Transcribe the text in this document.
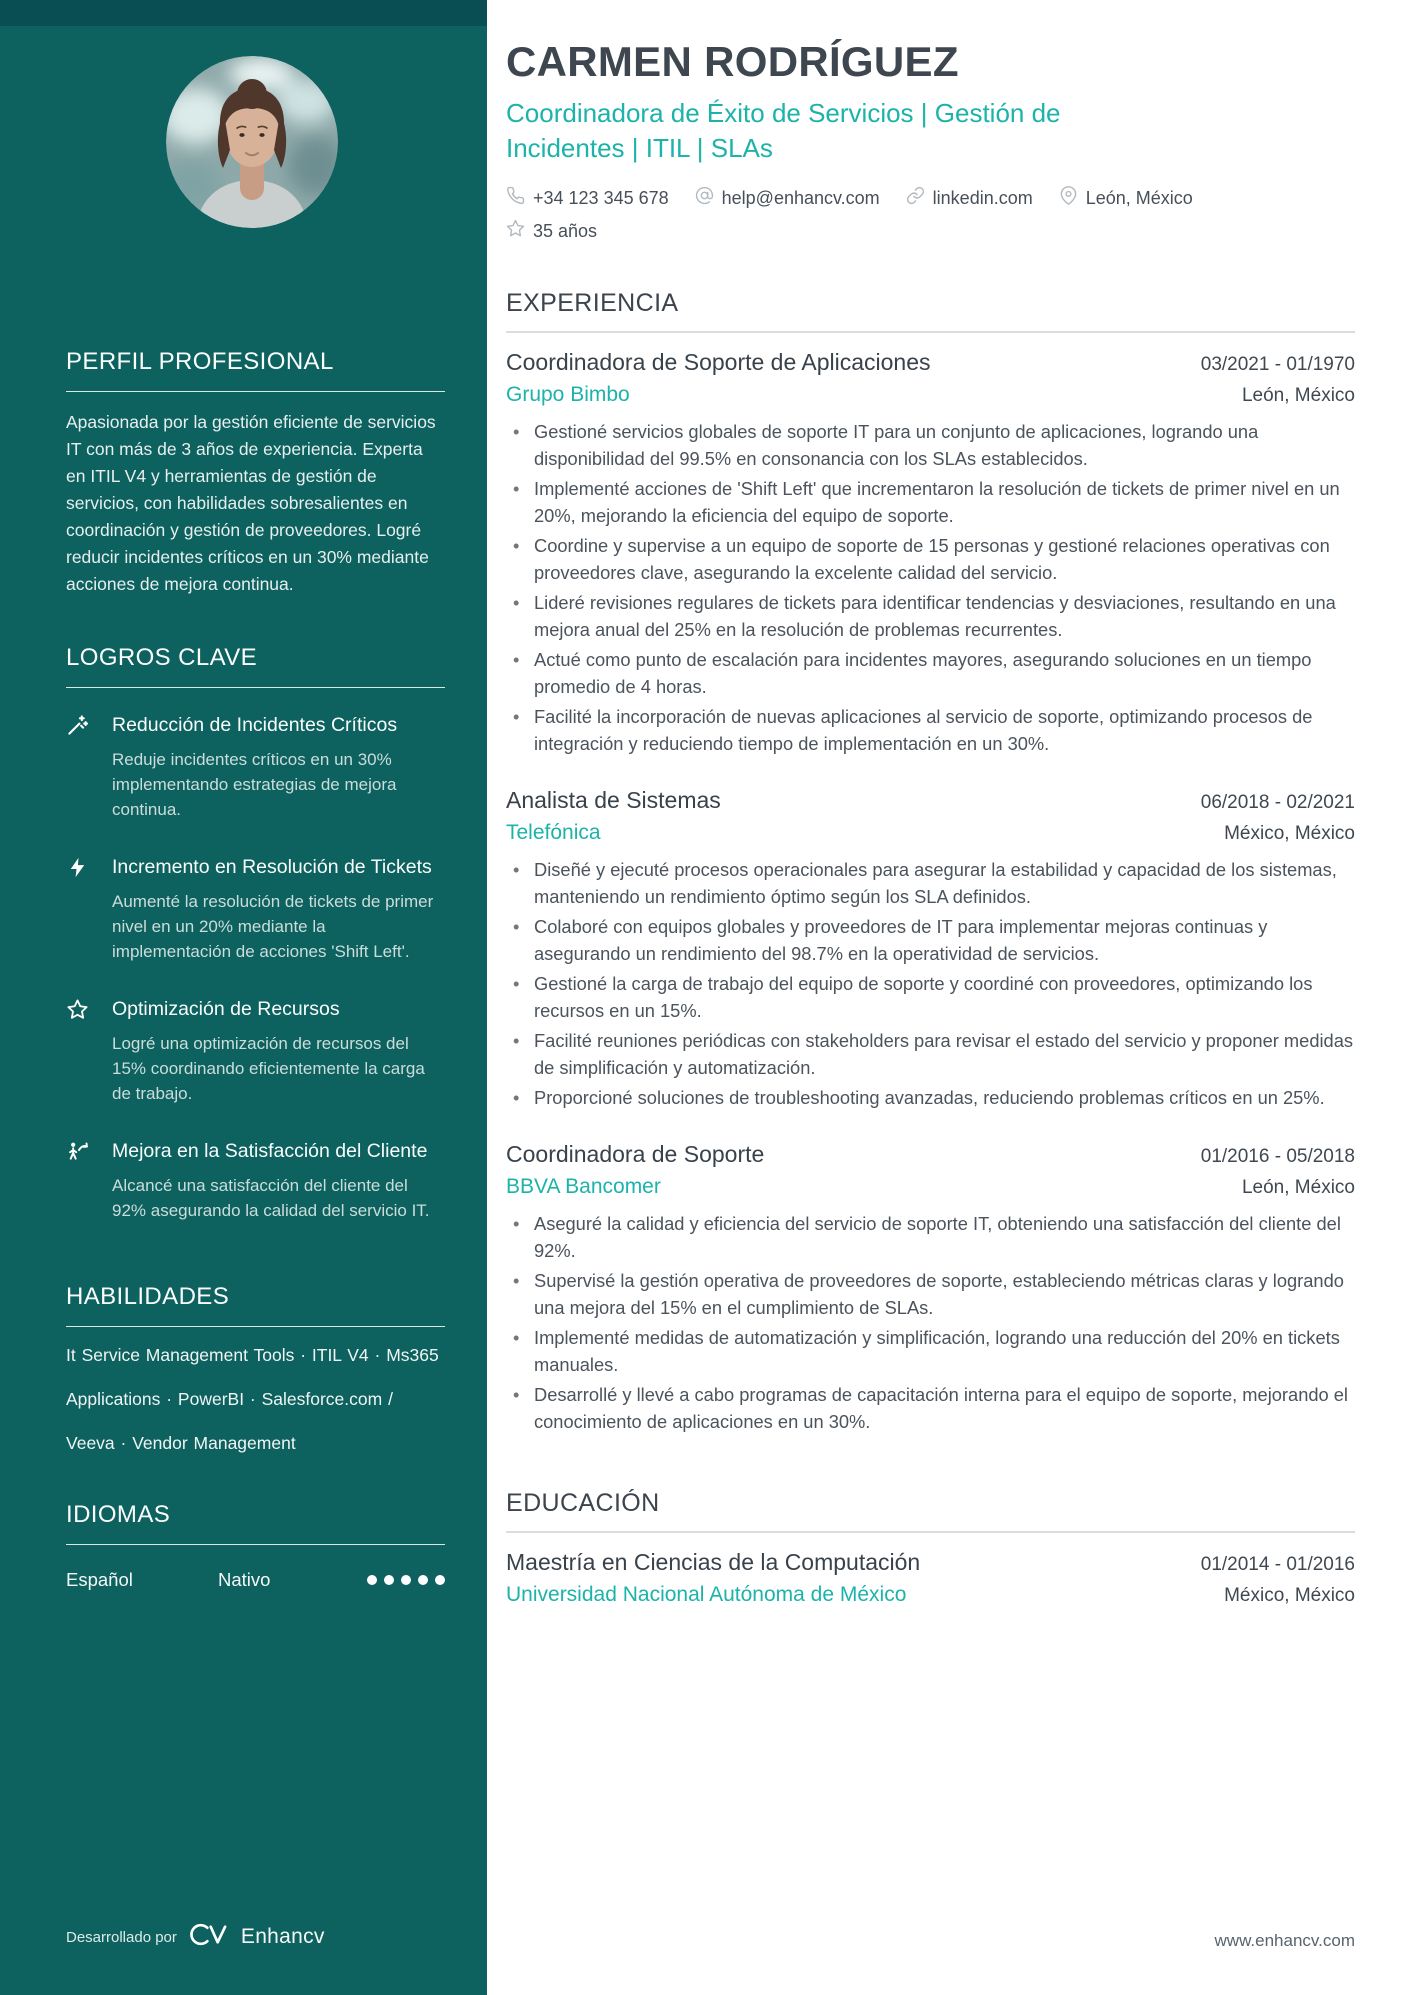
PERFIL PROFESIONAL

Apasionada por la gestión eficiente de servicios IT con más de 3 años de experiencia. Experta en ITIL V4 y herramientas de gestión de servicios, con habilidades sobresalientes en coordinación y gestión de proveedores. Logré reducir incidentes críticos en un 30% mediante acciones de mejora continua.

LOGROS CLAVE
Reducción de Incidentes Críticos
Reduje incidentes críticos en un 30% implementando estrategias de mejora continua.
Incremento en Resolución de Tickets
Aumenté la resolución de tickets de primer nivel en un 20% mediante la implementación de acciones 'Shift Left'.
Optimización de Recursos
Logré una optimización de recursos del 15% coordinando eficientemente la carga de trabajo.
Mejora en la Satisfacción del Cliente
Alcancé una satisfacción del cliente del 92% asegurando la calidad del servicio IT.
HABILIDADES
It Service Management Tools · ITIL V4 · Ms365 Applications · PowerBI · Salesforce.com / Veeva · Vendor Management
IDIOMAS
Español	Nativo
Desarrollado por	Enhancv
CARMEN RODRÍGUEZ
Coordinadora de Éxito de Servicios | Gestión de Incidentes | ITIL | SLAs
+34 123 345 678	help@enhancv.com	linkedin.com	León, México
35 años
EXPERIENCIA
Coordinadora de Soporte de Aplicaciones	03/2021 - 01/1970
Grupo Bimbo	León, México
• Gestioné servicios globales de soporte IT para un conjunto de aplicaciones, logrando una disponibilidad del 99.5% en consonancia con los SLAs establecidos.
• Implementé acciones de 'Shift Left' que incrementaron la resolución de tickets de primer nivel en un 20%, mejorando la eficiencia del equipo de soporte.
• Coordine y supervise a un equipo de soporte de 15 personas y gestioné relaciones operativas con proveedores clave, asegurando la excelente calidad del servicio.
• Lideré revisiones regulares de tickets para identificar tendencias y desviaciones, resultando en una mejora anual del 25% en la resolución de problemas recurrentes.
• Actué como punto de escalación para incidentes mayores, asegurando soluciones en un tiempo promedio de 4 horas.
• Facilité la incorporación de nuevas aplicaciones al servicio de soporte, optimizando procesos de integración y reduciendo tiempo de implementación en un 30%.
Analista de Sistemas	06/2018 - 02/2021
Telefónica	México, México
• Diseñé y ejecuté procesos operacionales para asegurar la estabilidad y capacidad de los sistemas, manteniendo un rendimiento óptimo según los SLA definidos.
• Colaboré con equipos globales y proveedores de IT para implementar mejoras continuas y asegurando un rendimiento del 98.7% en la operatividad de servicios.
• Gestioné la carga de trabajo del equipo de soporte y coordiné con proveedores, optimizando los recursos en un 15%.
• Facilité reuniones periódicas con stakeholders para revisar el estado del servicio y proponer medidas de simplificación y automatización.
• Proporcioné soluciones de troubleshooting avanzadas, reduciendo problemas críticos en un 25%.
Coordinadora de Soporte	01/2016 - 05/2018
BBVA Bancomer	León, México
• Aseguré la calidad y eficiencia del servicio de soporte IT, obteniendo una satisfacción del cliente del 92%.
• Supervisé la gestión operativa de proveedores de soporte, estableciendo métricas claras y logrando una mejora del 15% en el cumplimiento de SLAs.
• Implementé medidas de automatización y simplificación, logrando una reducción del 20% en tickets manuales.
• Desarrollé y llevé a cabo programas de capacitación interna para el equipo de soporte, mejorando el conocimiento de aplicaciones en un 30%.
EDUCACIÓN
Maestría en Ciencias de la Computación	01/2014 - 01/2016
Universidad Nacional Autónoma de México	México, México
www.enhancv.com
